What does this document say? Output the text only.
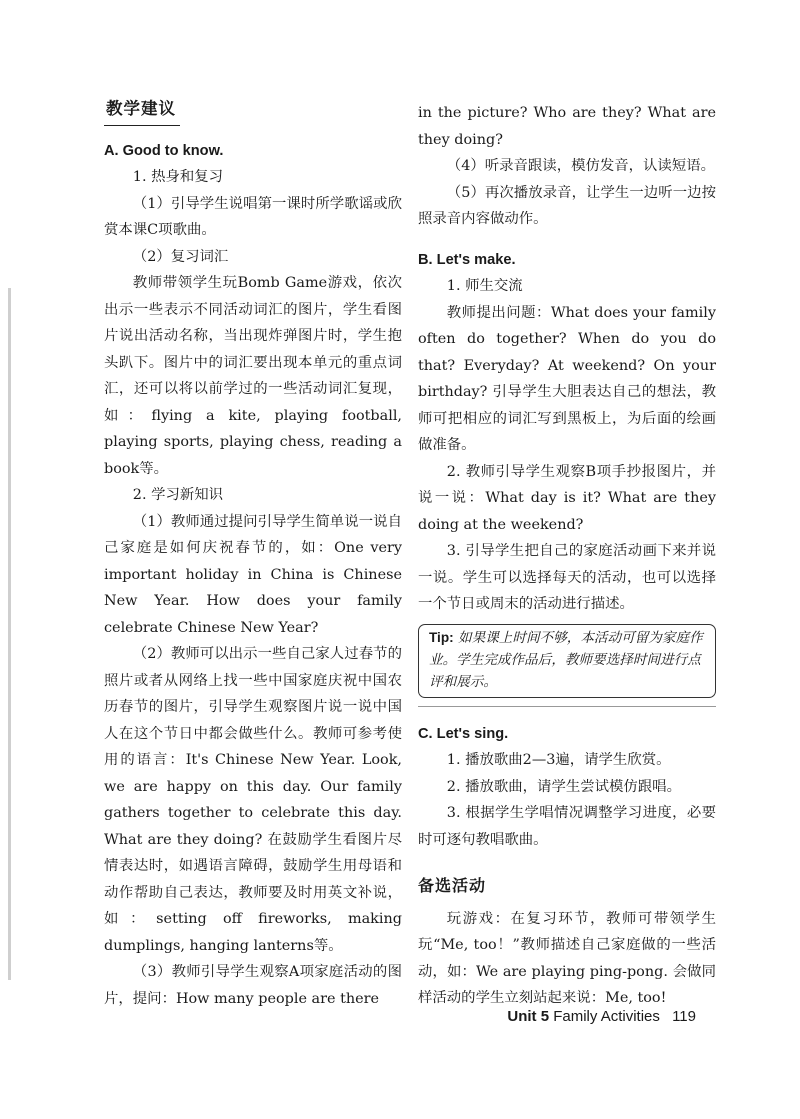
教学建议

A. Good to know.

1. 热身和复习

（1）引导学生说唱第一课时所学歌谣或欣赏本课C项歌曲。

（2）复习词汇

教师带领学生玩Bomb Game游戏，依次出示一些表示不同活动词汇的图片，学生看图片说出活动名称，当出现炸弹图片时，学生抱头趴下。图片中的词汇要出现本单元的重点词汇，还可以将以前学过的一些活动词汇复现，如：flying a kite, playing football, playing sports, playing chess, reading a book等。

2. 学习新知识

（1）教师通过提问引导学生简单说一说自己家庭是如何庆祝春节的，如：One very important holiday in China is Chinese New Year. How does your family celebrate Chinese New Year?

（2）教师可以出示一些自己家人过春节的照片或者从网络上找一些中国家庭庆祝中国农历春节的图片，引导学生观察图片说一说中国人在这个节日中都会做些什么。教师可参考使用的语言：It's Chinese New Year. Look, we are happy on this day. Our family gathers together to celebrate this day. What are they doing? 在鼓励学生看图片尽情表达时，如遇语言障碍，鼓励学生用母语和动作帮助自己表达，教师要及时用英文补说，如：setting off fireworks, making dumplings, hanging lanterns等。

（3）教师引导学生观察A项家庭活动的图片，提问：How many people are there

in the picture? Who are they? What are they doing?

（4）听录音跟读，模仿发音，认读短语。

（5）再次播放录音，让学生一边听一边按照录音内容做动作。

B. Let's make.

1. 师生交流

教师提出问题：What does your family often do together? When do you do that? Everyday? At weekend? On your birthday? 引导学生大胆表达自己的想法，教师可把相应的词汇写到黑板上，为后面的绘画做准备。

2. 教师引导学生观察B项手抄报图片，并说一说：What day is it? What are they doing at the weekend?

3. 引导学生把自己的家庭活动画下来并说一说。学生可以选择每天的活动，也可以选择一个节日或周末的活动进行描述。

Tip: 如果课上时间不够，本活动可留为家庭作业。学生完成作品后，教师要选择时间进行点评和展示。

C. Let's sing.

1. 播放歌曲2—3遍，请学生欣赏。

2. 播放歌曲，请学生尝试模仿跟唱。

3. 根据学生学唱情况调整学习进度，必要时可逐句教唱歌曲。

备选活动

玩游戏：在复习环节，教师可带领学生玩“Me, too！”教师描述自己家庭做的一些活动，如：We are playing ping-pong. 会做同样活动的学生立刻站起来说：Me, too!

Unit 5 Family Activities 119
